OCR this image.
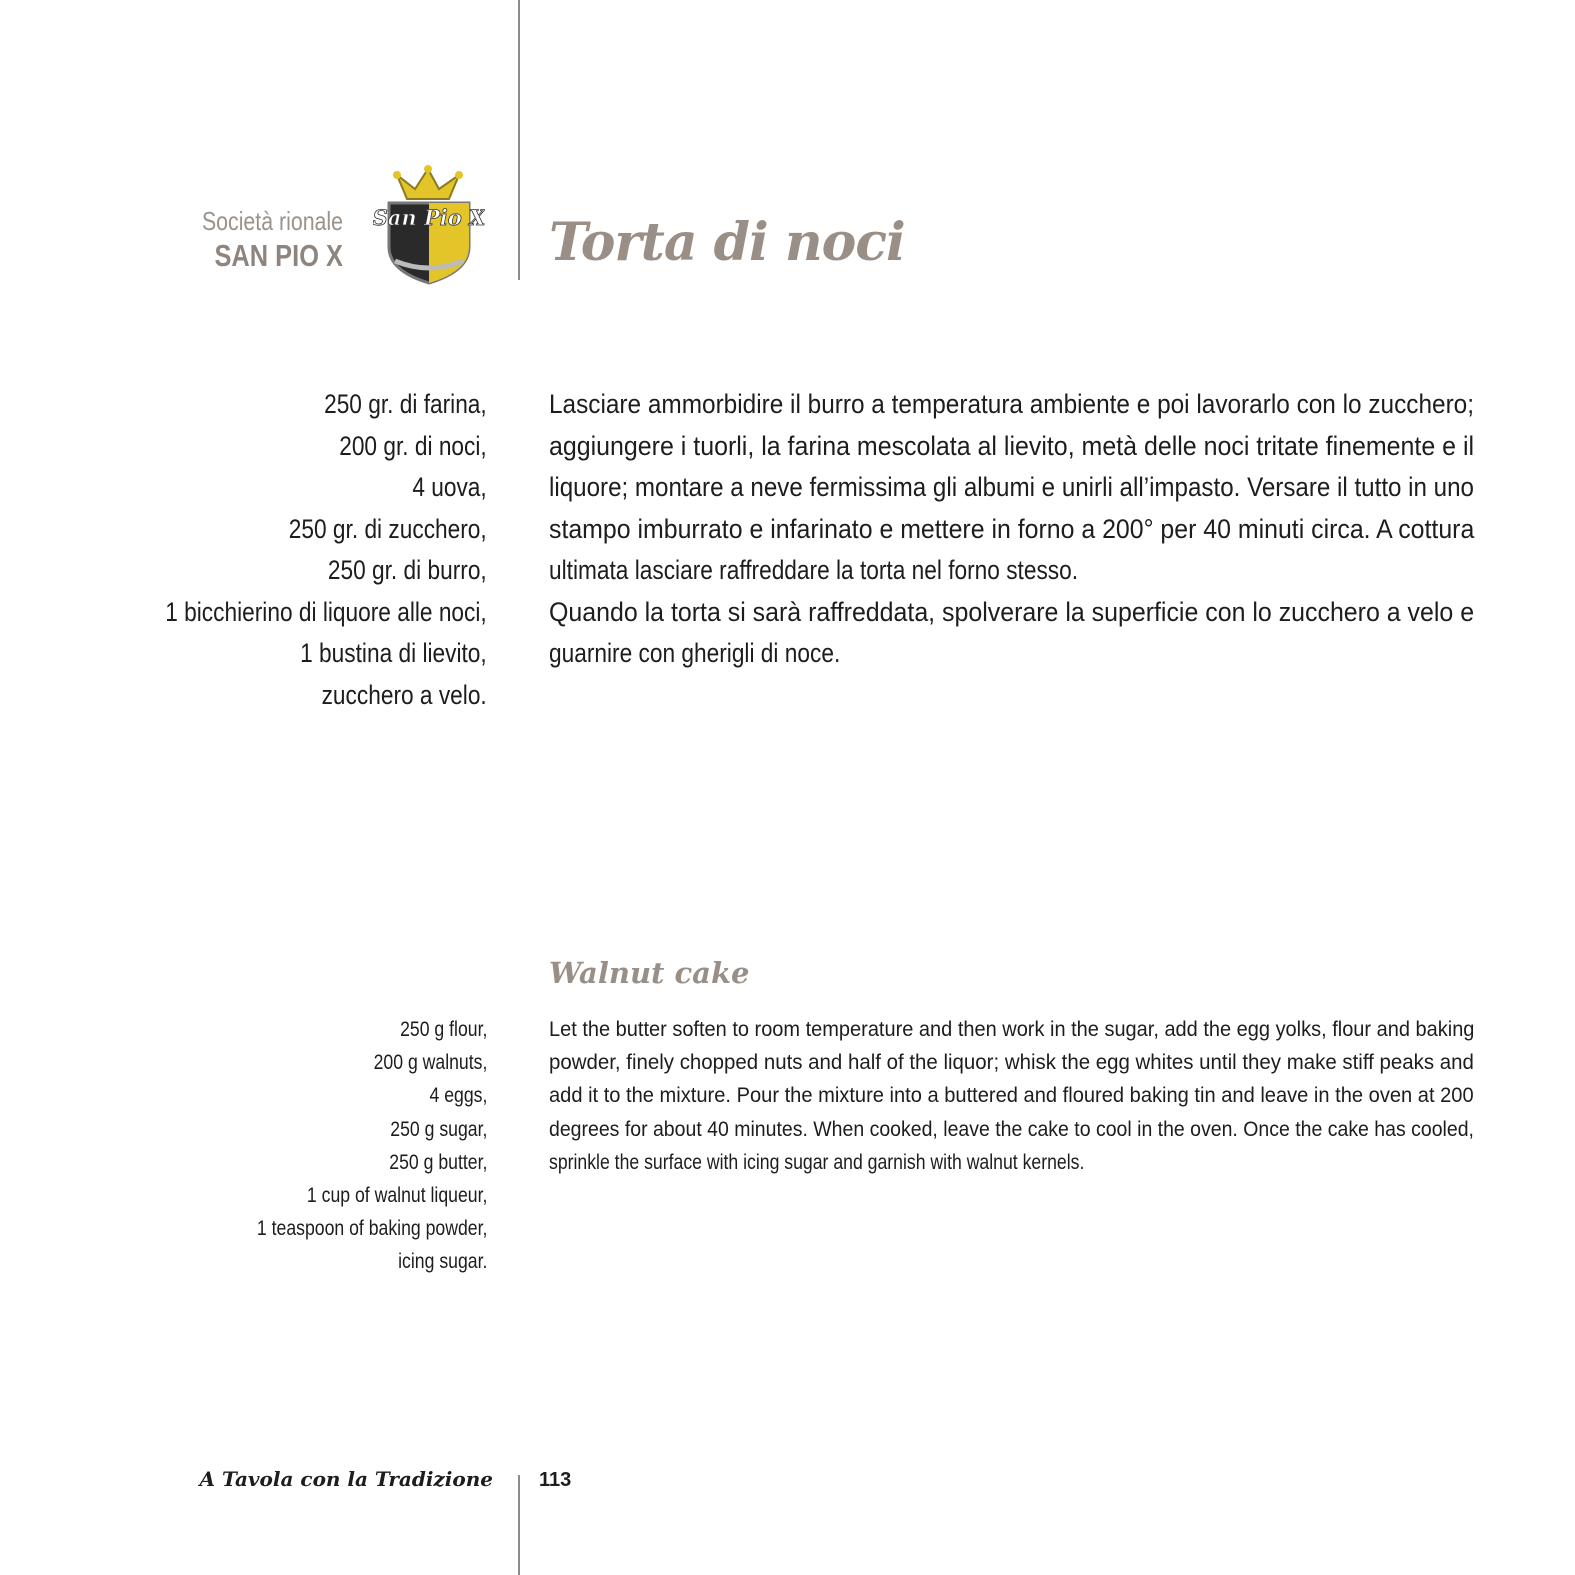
Società rionale
SAN PIO X
San Pio X Torta di noci
250 gr. di farina,
200 gr. di noci,
4 uova,
250 gr. di zucchero,
250 gr. di burro,
1 bicchierino di liquore alle noci,
1 bustina di lievito,
zucchero a velo.

Lasciare ammorbidire il burro a temperatura ambiente e poi lavorarlo con lo zucchero;

aggiungere i tuorli, la farina mescolata al lievito, metà delle noci tritate finemente e il

liquore; montare a neve fermissima gli albumi e unirli all’impasto. Versare il tutto in uno

stampo imburrato e infarinato e mettere in forno a 200° per 40 minuti circa. A cottura

ultimata lasciare raffreddare la torta nel forno stesso.

Quando la torta si sarà raffreddata, spolverare la superficie con lo zucchero a velo e

guarnire con gherigli di noce.

Walnut cake
250 g flour,
200 g walnuts,
4 eggs,
250 g sugar,
250 g butter,
1 cup of walnut liqueur,
1 teaspoon of baking powder,
icing sugar.

Let the butter soften to room temperature and then work in the sugar, add the egg yolks, flour and baking

powder, finely chopped nuts and half of the liquor; whisk the egg whites until they make stiff peaks and

add it to the mixture. Pour the mixture into a buttered and floured baking tin and leave in the oven at 200

degrees for about 40 minutes. When cooked, leave the cake to cool in the oven. Once the cake has cooled,

sprinkle the surface with icing sugar and garnish with walnut kernels.

A Tavola con la Tradizione 113
